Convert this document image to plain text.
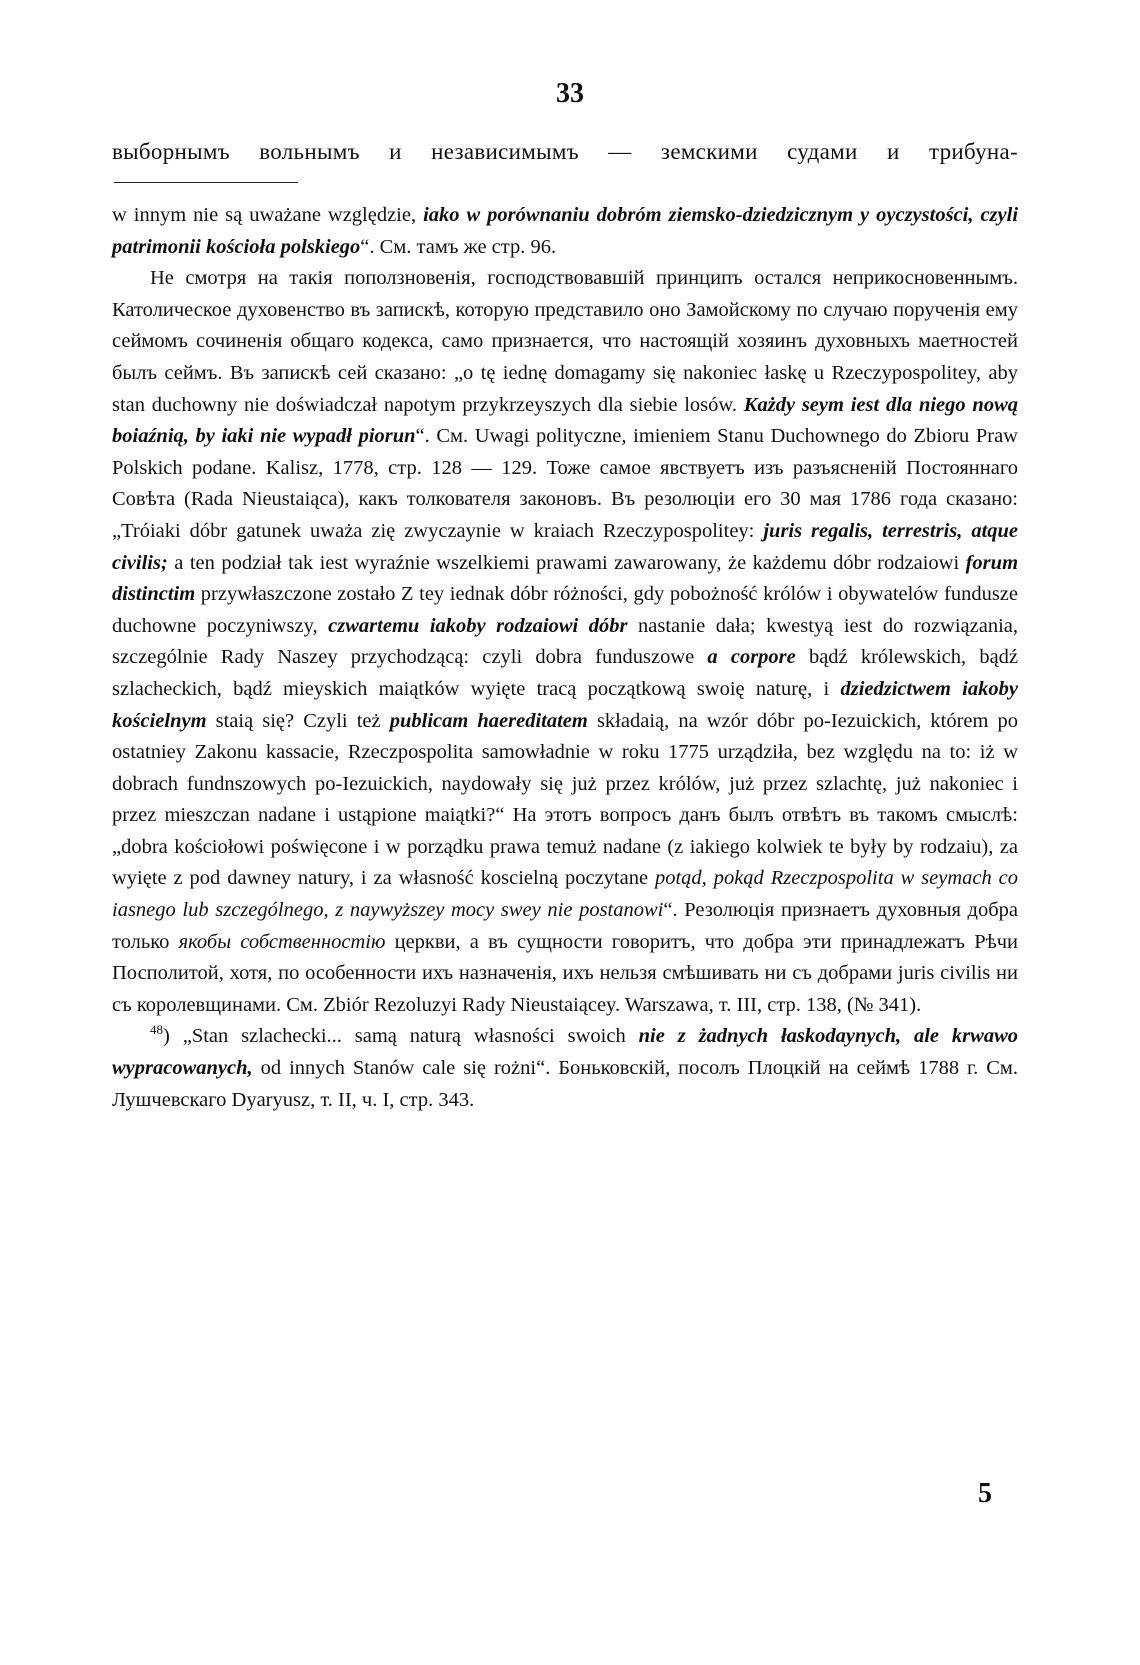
33
выборнымъ вольнымъ и независимымъ — земскими судами и трибуна-

w innym nie są uważane względzie, iako w porównaniu dobróm ziemsko-dziedzicznym y oyczystości, czyli patrimonii kościoła polskiego“. См. тамъ же стр. 96.

Не смотря на такія поползновенія, господствовавшій принципъ остался неприкосновеннымъ. Католическое духовенство въ запискѣ, которую представило оно Замойскому по случаю порученія ему сеймомъ сочиненія общаго кодекса, само признается, что настоящій хозяинъ духовныхъ маетностей былъ сеймъ. Въ запискѣ сей сказано: „o tę iednę domagamy się nakoniec łaskę u Rzeczypospolitey, aby stan duchowny nie doświadczał napotym przykrzeyszych dla siebie losów. Każdy seym iest dla niego nową boiaźnią, by iaki nie wypadł piorun“. См. Uwagi polityczne, imieniem Stanu Duchownego do Zbioru Praw Polskich podane. Kalisz, 1778, стр. 128 — 129. Тоже самое явствуетъ изъ разъясненій Постояннаго Совѣта (Rada Nieustaiąca), какъ толкователя законовъ. Въ резолюціи его 30 мая 1786 года сказано: „Tróiaki dóbr gatunek uważa zię zwyczaynie w kraiach Rzeczypospolitey: juris regalis, terrestris, atque civilis; a ten podział tak iest wyraźnie wszelkiemi prawami zawarowany, że każdemu dóbr rodzaiowi forum distinctim przywłaszczone zostało Z tey iednak dóbr różności, gdy pobożność królów i obywatelów fundusze duchowne poczyniwszy, czwartemu iakoby rodzaiowi dóbr nastanie dała; kwestyą iest do rozwiązania, szczególnie Rady Naszey przychodzącą: czyli dobra funduszowe a corpore bądź królewskich, bądź szlacheckich, bądź mieyskich maiątków wyięte tracą początkową swoię naturę, i dziedzictwem iakoby kościelnym staią się? Czyli też publicam haereditatem składaią, na wzór dóbr po-Iezuickich, którem po ostatniey Zakonu kassacie, Rzeczpospolita samowładnie w roku 1775 urządziła, bez względu na to: iż w dobrach fundnszowych po-Iezuickich, naydowały się już przez królów, już przez szlachtę, już nakoniec i przez mieszczan nadane i ustąpione maiątki?“ На этотъ вопросъ данъ былъ отвѣтъ въ такомъ смыслѣ: „dobra kościołowi poświęcone i w porządku prawa temuż nadane (z iakiego kolwiek te były by rodzaiu), za wyięte z pod dawney natury, i za własność koscielną poczytane potąd, pokąd Rzeczpospolita w seymach co iasnego lub szczególnego, z naywyższey mocy swey nie postanowi“. Резолюція признаетъ духовныя добра только якобы собственностію церкви, а въ сущности говоритъ, что добра эти принадлежатъ Рѣчи Посполитой, хотя, по особенности ихъ назначенія, ихъ нельзя смѣшивать ни съ добрами juris civilis ни съ королевщинами. См. Zbiór Rezoluzyi Rady Nieustaiącey. Warszawa, т. III, стр. 138, (№ 341).

$^{48}$) „Stan szlachecki... samą naturą własności swoich nie z żadnych łaskodaynych, ale krwawo wypracowanych, od innych Stanów cale się rożni“. Боньковскій, посолъ Плоцкій на сеймѣ 1788 г. См. Лушчевскаго Dyaryusz, т. II, ч. I, стр. 343.

5
